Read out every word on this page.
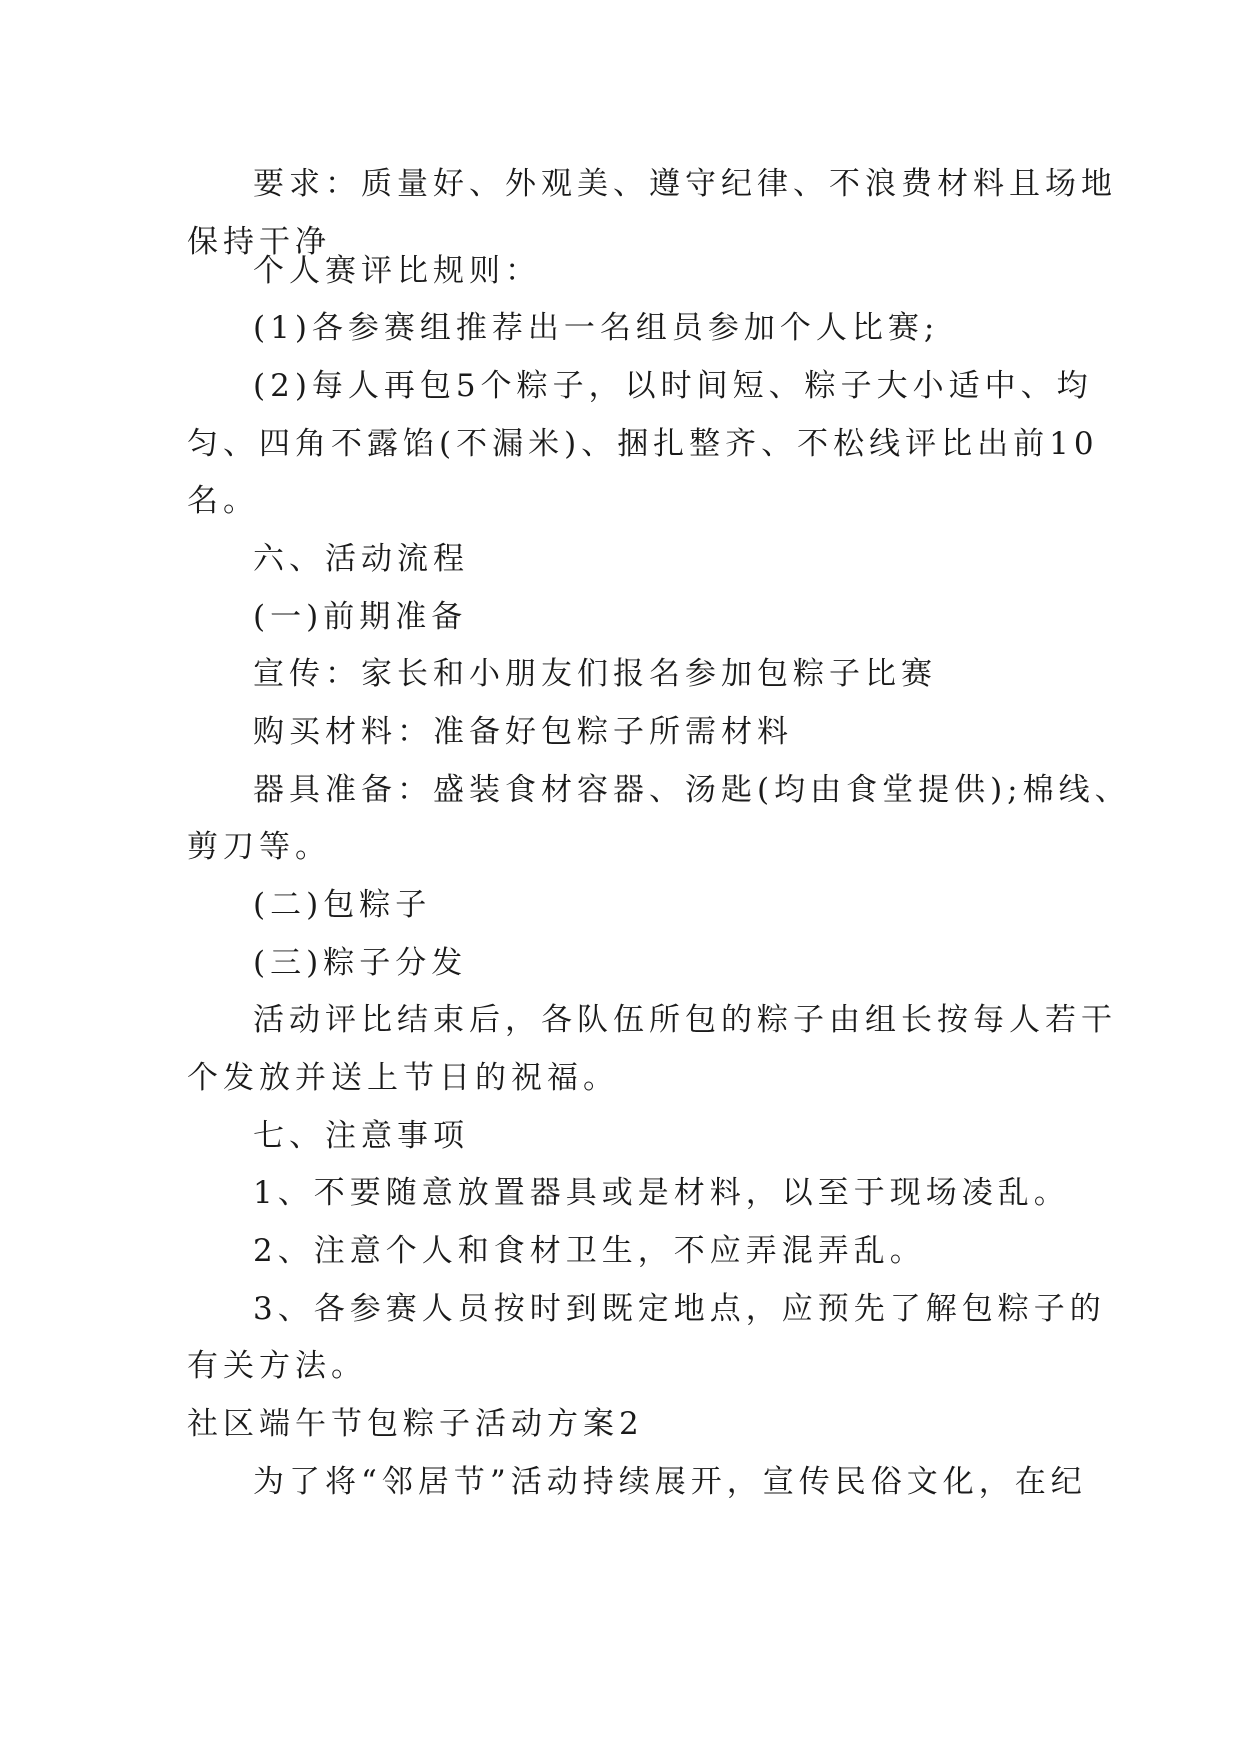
要求：质量好、外观美、遵守纪律、不浪费材料且场地
保持干净
个人赛评比规则：
(1)各参赛组推荐出一名组员参加个人比赛;
(2)每人再包5个粽子，以时间短、粽子大小适中、均
匀、四角不露馅(不漏米)、捆扎整齐、不松线评比出前10
名。
六、活动流程
(一)前期准备
宣传：家长和小朋友们报名参加包粽子比赛
购买材料：准备好包粽子所需材料
器具准备：盛装食材容器、汤匙(均由食堂提供);棉线、
剪刀等。
(二)包粽子
(三)粽子分发
活动评比结束后，各队伍所包的粽子由组长按每人若干
个发放并送上节日的祝福。
七、注意事项
1、不要随意放置器具或是材料，以至于现场凌乱。
2、注意个人和食材卫生，不应弄混弄乱。
3、各参赛人员按时到既定地点，应预先了解包粽子的
有关方法。
社区端午节包粽子活动方案2
为了将“邻居节”活动持续展开，宣传民俗文化，在纪
